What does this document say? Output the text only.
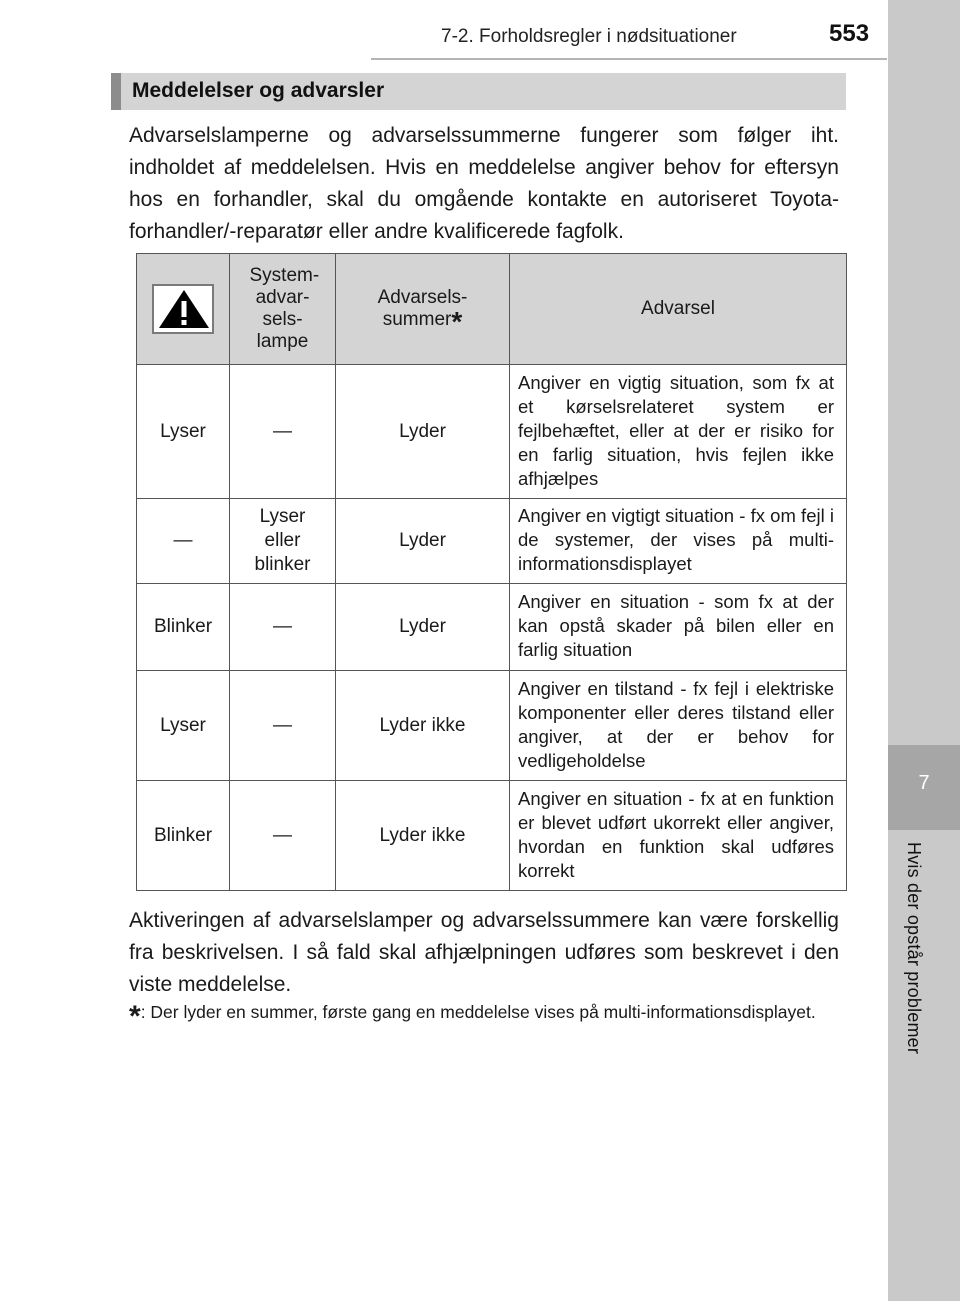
7-2. Forholdsregler i nødsituationer	553
7
Hvis der opstår problemer
Meddelelser og advarsler

Advarselslamperne og advarselssummerne fungerer som følger iht. indholdet af meddelelsen. Hvis en meddelelse angiver behov for eftersyn hos en forhandler, skal du omgående kontakte en autoriseret Toyota-forhandler/-reparatør eller andre kvalificerede fagfolk.

	System-advar-sels-lampe	Advarsels-summer*	Advarsel
Lyser	—	Lyder	Angiver en vigtig situation, som fx at et kørselsrelateret system er fejlbehæftet, eller at der er risiko for en farlig situation, hvis fejlen ikke afhjælpes
—	Lyser eller blinker	Lyder	Angiver en vigtigt situation - fx om fejl i de systemer, der vises på multi-informationsdisplayet
Blinker	—	Lyder	Angiver en situation - som fx at der kan opstå skader på bilen eller en farlig situation
Lyser	—	Lyder ikke	Angiver en tilstand - fx fejl i elektriske komponenter eller deres tilstand eller angiver, at der er behov for vedligeholdelse
Blinker	—	Lyder ikke	Angiver en situation - fx at en funktion er blevet udført ukorrekt eller angiver, hvordan en funktion skal udføres korrekt

Aktiveringen af advarselslamper og advarselssummere kan være forskellig fra beskrivelsen. I så fald skal afhjælpningen udføres som beskrevet i den viste meddelelse.

*: Der lyder en summer, første gang en meddelelse vises på multi-informationsdisplayet.
